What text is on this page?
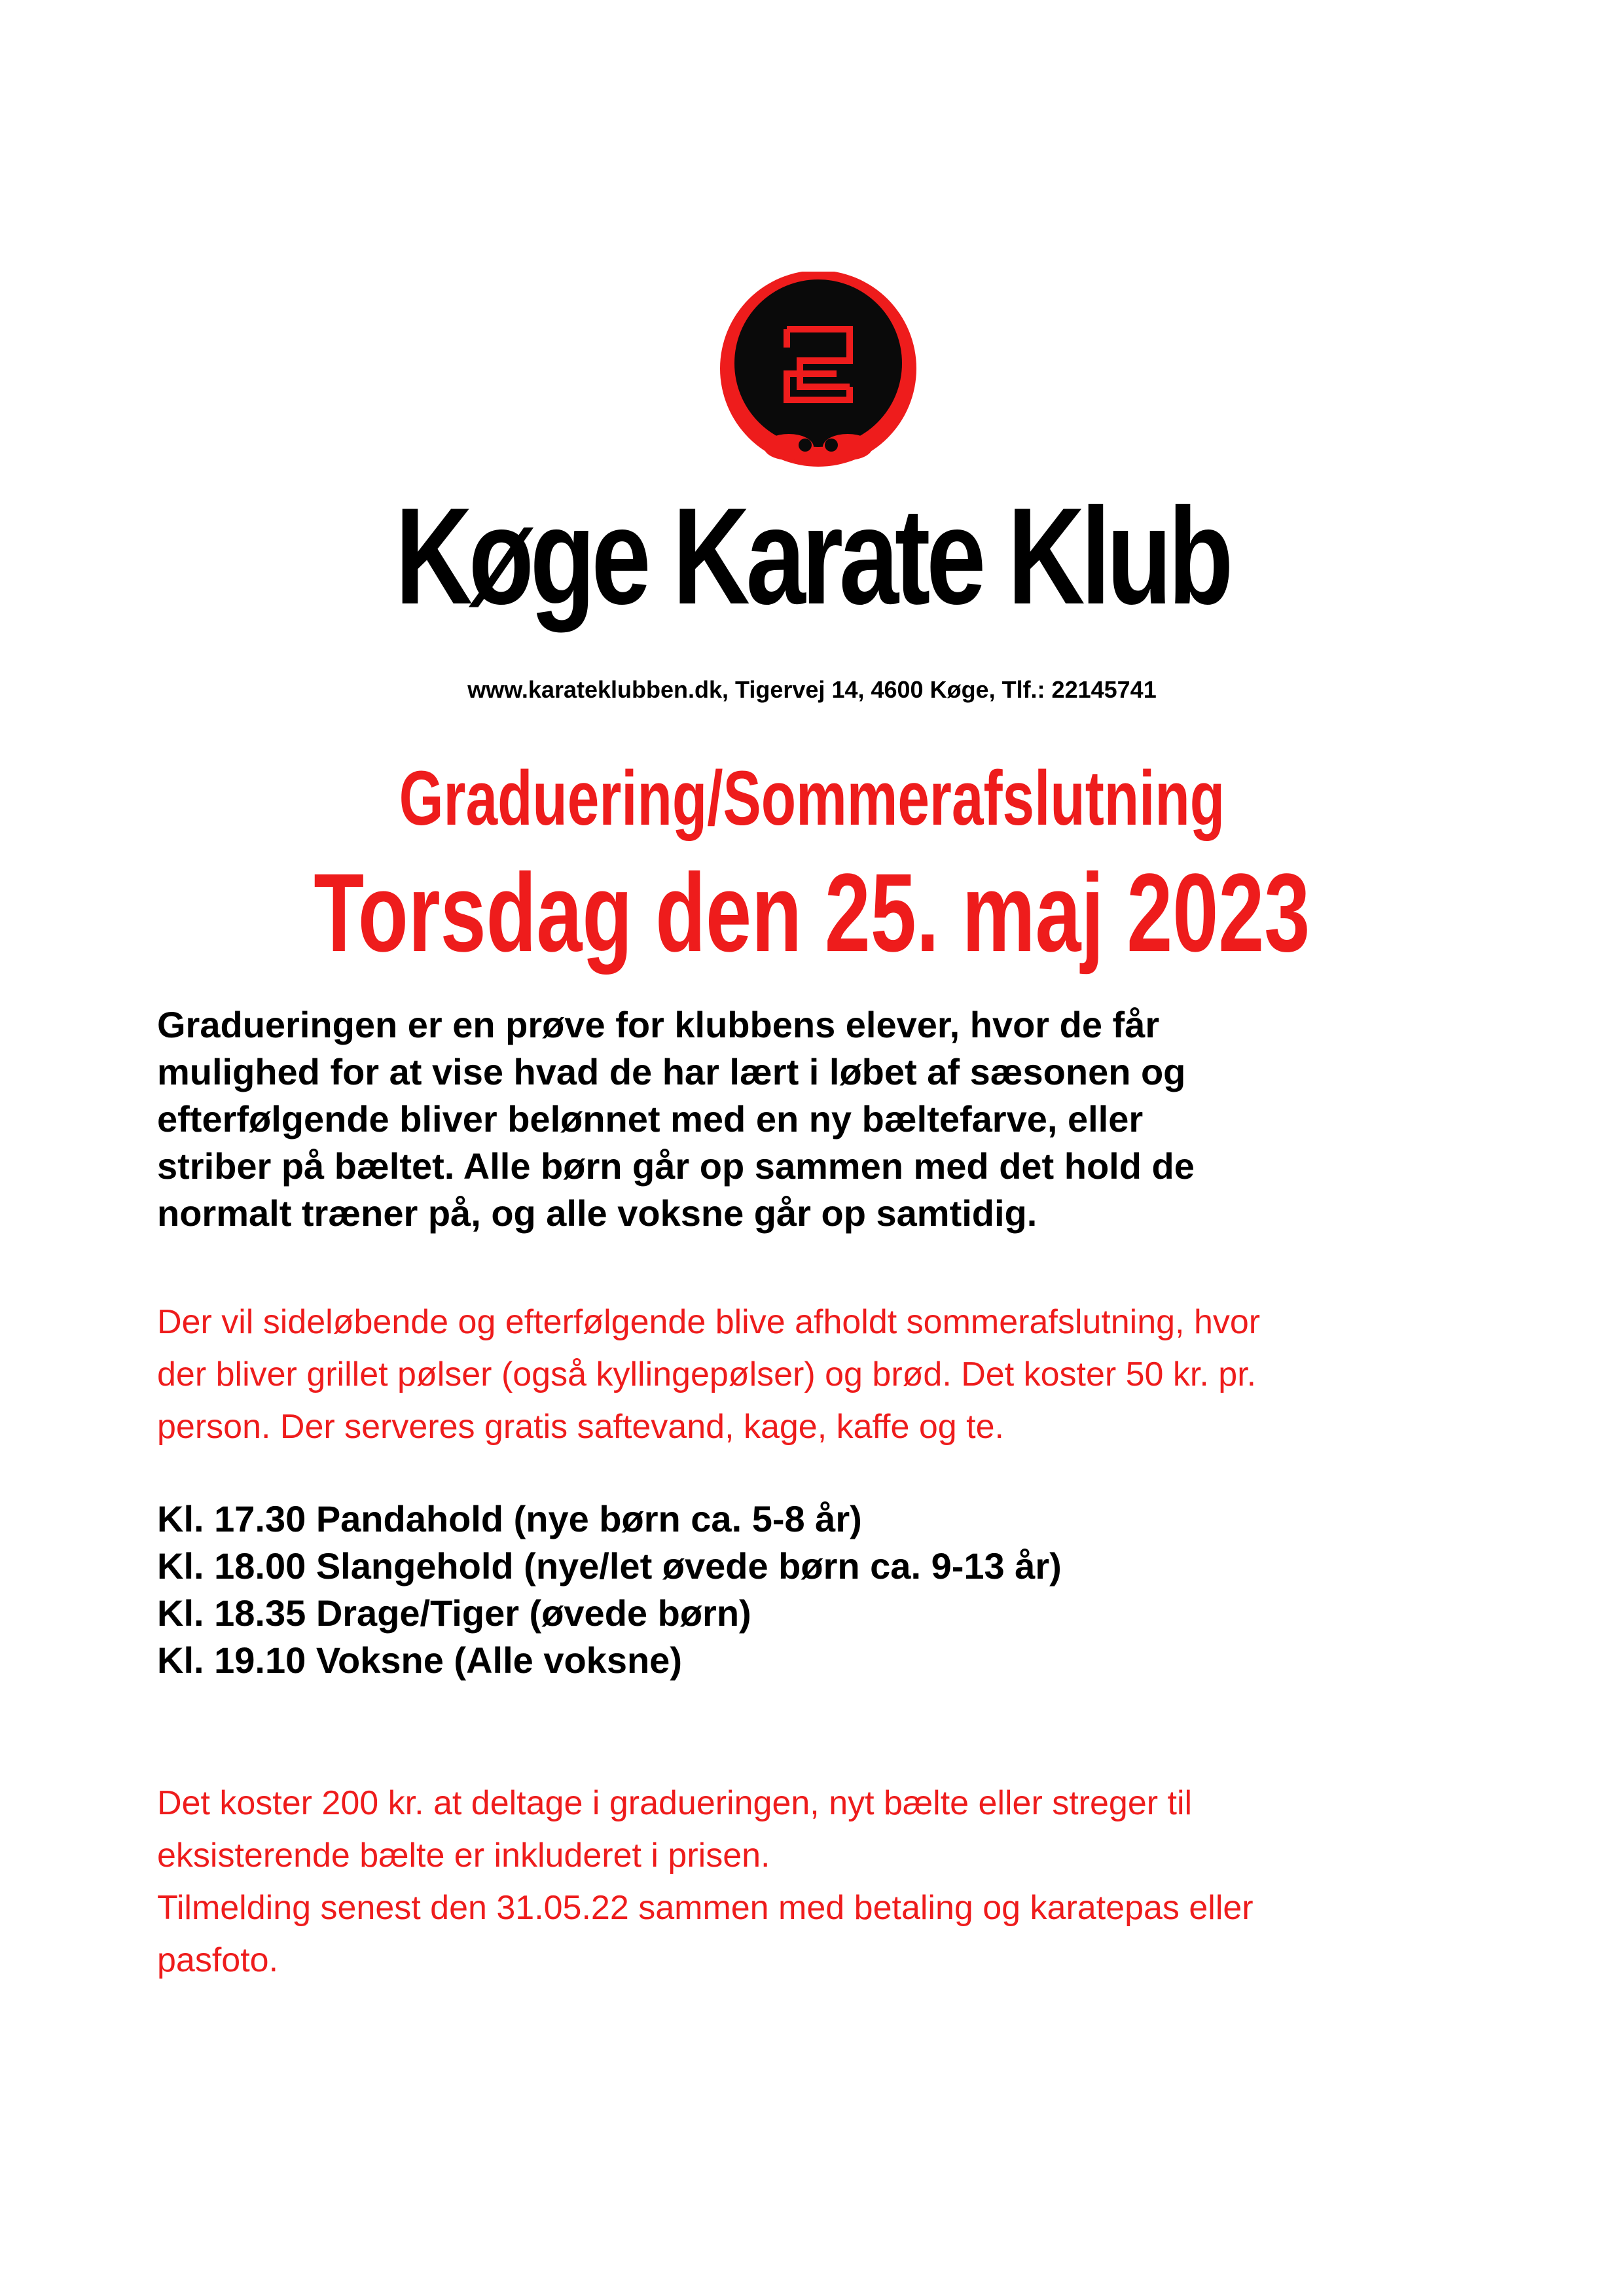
Køge Karate Klub
www.karateklubben.dk, Tigervej 14, 4600 Køge, Tlf.: 22145741
Graduering/Sommerafslutning
Torsdag den 25. maj 2023
Gradueringen er en prøve for klubbens elever, hvor de får
mulighed for at vise hvad de har lært i løbet af sæsonen og
efterfølgende bliver belønnet med en ny bæltefarve, eller
striber på bæltet. Alle børn går op sammen med det hold de
normalt træner på, og alle voksne går op samtidig.
Der vil sideløbende og efterfølgende blive afholdt sommerafslutning, hvor
der bliver grillet pølser (også kyllingepølser) og brød. Det koster 50 kr. pr.
person. Der serveres gratis saftevand, kage, kaffe og te.
Kl. 17.30 Pandahold (nye børn ca. 5-8 år)
Kl. 18.00 Slangehold (nye/let øvede børn ca. 9-13 år)
Kl. 18.35 Drage/Tiger (øvede børn)
Kl. 19.10 Voksne (Alle voksne)
Det koster 200 kr. at deltage i gradueringen, nyt bælte eller streger til
eksisterende bælte er inkluderet i prisen.
Tilmelding senest den 31.05.22 sammen med betaling og karatepas eller
pasfoto.
